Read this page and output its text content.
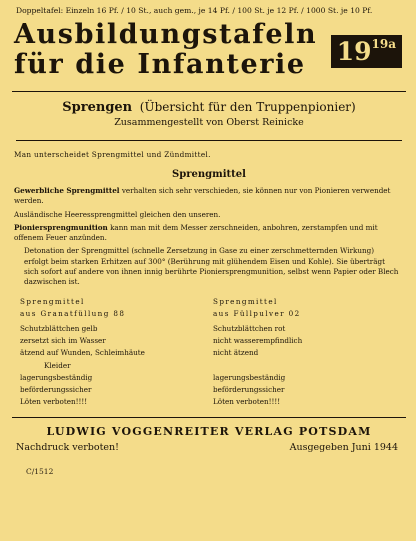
Doppeltafel: Einzeln 16 Pf. / 10 St., auch gem., je 14 Pf. / 100 St. je 12 Pf. / 1000 St. je 10 Pf.
Ausbildungstafeln
für die Infanterie	$19^{19a}$
Sprengen (Übersicht für den Truppenpionier)
Zusammengestellt von Oberst Reinicke
Man unterscheidet Sprengmittel und Zündmittel.
Sprengmittel
Gewerbliche Sprengmittel verhalten sich sehr verschieden, sie können nur von Pionieren verwendet werden.
Ausländische Heeressprengmittel gleichen den unseren.
Pioniersprengmunition kann man mit dem Messer zerschneiden, anbohren, zerstampfen und mit offenem Feuer anzünden.
Detonation der Sprengmittel (schnelle Zersetzung in Gase zu einer zerschmetternden Wirkung) erfolgt beim starken Erhitzen auf 300° (Berührung mit glühendem Eisen und Kohle). Sie überträgt sich sofort auf andere von ihnen innig berührte Pioniersprengmunition, selbst wenn Papier oder Blech dazwischen ist.
Sprengmittel
aus Granatfüllung 88
Schutzblättchen gelb
zersetzt sich im Wasser
ätzend auf Wunden, Schleimhäute
Kleider
lagerungsbeständig
beförderungssicher
Löten verboten!!!!
Sprengmittel
aus Füllpulver 02
Schutzblättchen rot
nicht wasserempfindlich
nicht ätzend

lagerungsbeständig
beförderungssicher
Löten verboten!!!!
LUDWIG VOGGENREITER VERLAG POTSDAM
Nachdruck verboten!	Ausgegeben Juni 1944
C/1512
